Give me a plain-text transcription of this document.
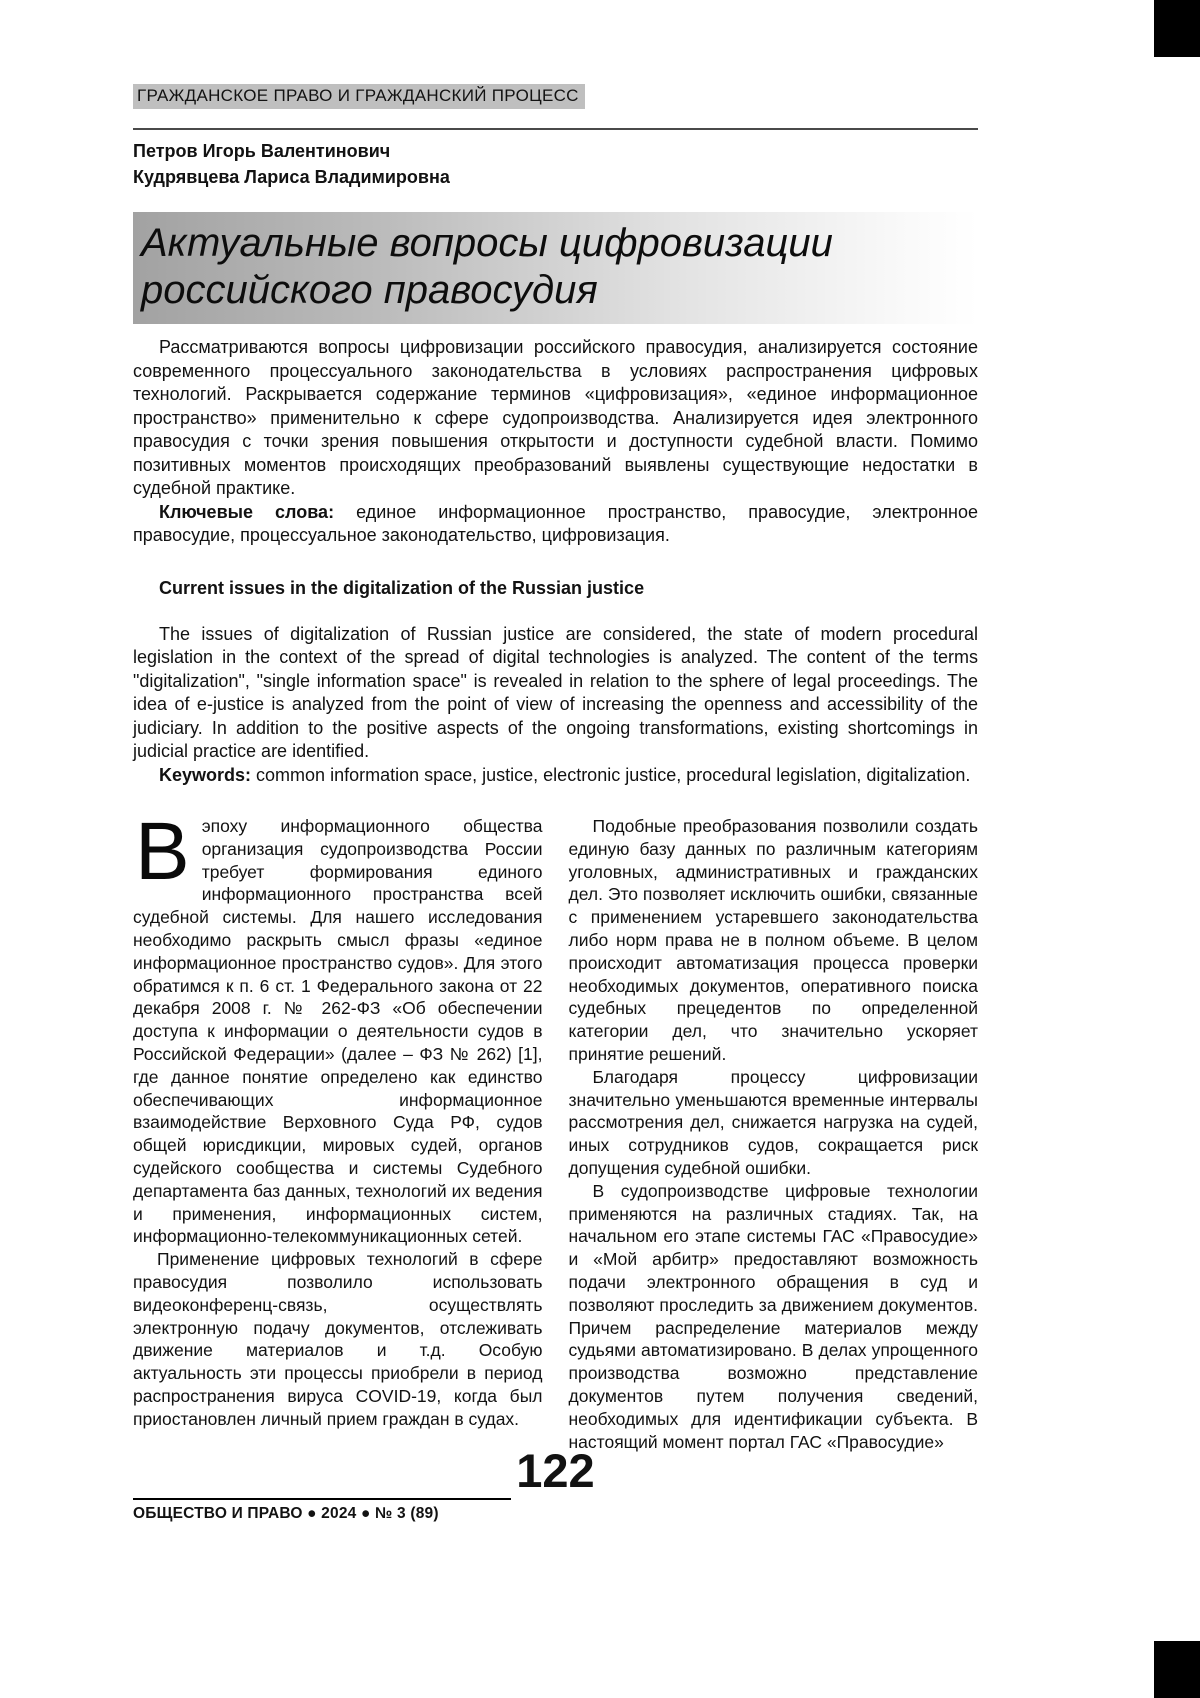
ГРАЖДАНСКОЕ ПРАВО И ГРАЖДАНСКИЙ ПРОЦЕСС
Петров Игорь Валентинович
Кудрявцева Лариса Владимировна
Актуальные вопросы цифровизации
российского правосудия

Рассматриваются вопросы цифровизации российского правосудия, анализируется состояние современного процессуального законодательства в условиях распространения цифровых технологий. Раскрывается содержание терминов «цифровизация», «единое информационное пространство» применительно к сфере судопроизводства. Анализируется идея электронного правосудия с точки зрения повышения открытости и доступности судебной власти. Помимо позитивных моментов происходящих преобразований выявлены существующие недостатки в судебной практике.

Ключевые слова: единое информационное пространство, правосудие, электронное правосудие, процессуальное законодательство, цифровизация.

Current issues in the digitalization of the Russian justice

The issues of digitalization of Russian justice are considered, the state of modern procedural legislation in the context of the spread of digital technologies is analyzed. The content of the terms "digitalization", "single information space" is revealed in relation to the sphere of legal proceedings. The idea of e-justice is analyzed from the point of view of increasing the openness and accessibility of the judiciary. In addition to the positive aspects of the ongoing transformations, existing shortcomings in judicial practice are identified.

Keywords: common information space, justice, electronic justice, procedural legislation, digitalization.

Вэпоху информационного общества организация судопроизводства России требует формирования единого информационного пространства всей судебной системы. Для нашего исследования необходимо раскрыть смысл фразы «единое информационное пространство судов». Для этого обратимся к п. 6 ст. 1 Федерального закона от 22 декабря 2008 г. № 262-ФЗ «Об обеспечении доступа к информации о деятельности судов в Российской Федерации» (далее – ФЗ № 262) [1], где данное понятие определено как единство обеспечивающих информационное взаимодействие Верховного Суда РФ, судов общей юрисдикции, мировых судей, органов судейского сообщества и системы Судебного департамента баз данных, технологий их ведения и применения, информационных систем, информационно-телекоммуникационных сетей.

Применение цифровых технологий в сфере правосудия позволило использовать видеоконференц-связь, осуществлять электронную подачу документов, отслеживать движение материалов и т.д. Особую актуальность эти процессы приобрели в период распространения вируса COVID-19, когда был приостановлен личный прием граждан в судах.

Подобные преобразования позволили создать единую базу данных по различным категориям уголовных, административных и гражданских дел. Это позволяет исключить ошибки, связанные с применением устаревшего законодательства либо норм права не в полном объеме. В целом происходит автоматизация процесса проверки необходимых документов, оперативного поиска судебных прецедентов по определенной категории дел, что значительно ускоряет принятие решений.

Благодаря процессу цифровизации значительно уменьшаются временные интервалы рассмотрения дел, снижается нагрузка на судей, иных сотрудников судов, сокращается риск допущения судебной ошибки.

В судопроизводстве цифровые технологии применяются на различных стадиях. Так, на начальном его этапе системы ГАС «Правосудие» и «Мой арбитр» предоставляют возможность подачи электронного обращения в суд и позволяют проследить за движением документов. Причем распределение материалов между судьями автоматизировано. В делах упрощенного производства возможно представление документов путем получения сведений, необходимых для идентификации субъекта. В настоящий момент портал ГАС «Правосудие»

122
ОБЩЕСТВО И ПРАВО ● 2024 ● № 3 (89)
